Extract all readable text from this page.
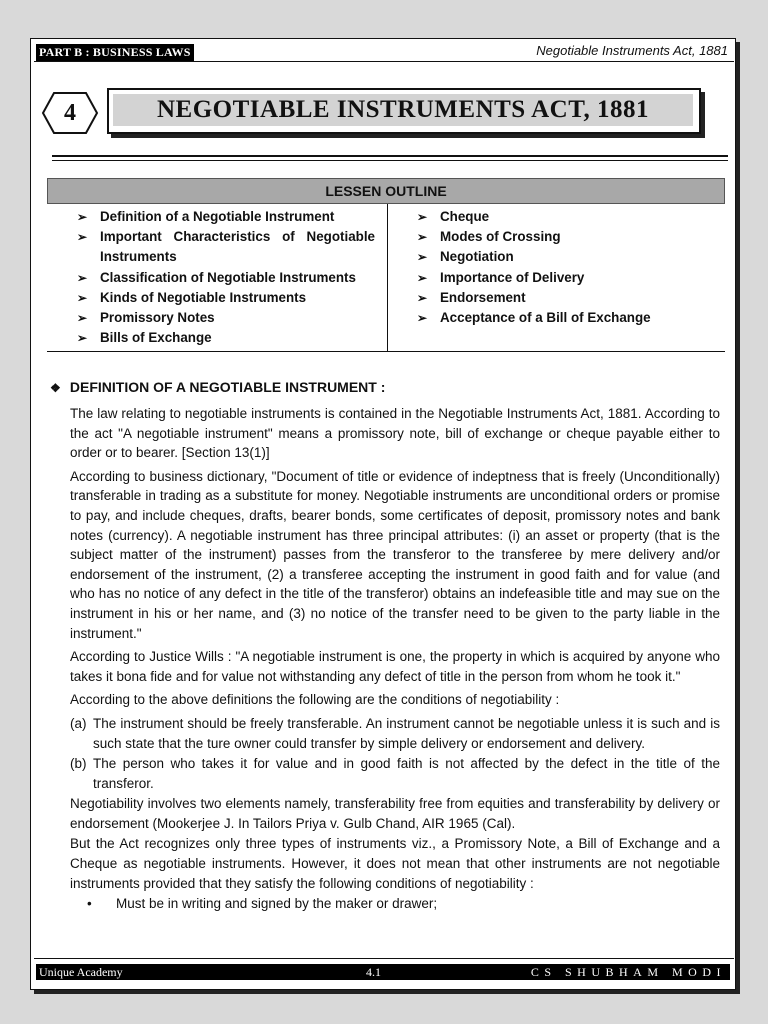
PART B : BUSINESS LAWS	Negotiable Instruments Act, 1881
4	NEGOTIABLE INSTRUMENTS ACT, 1881
LESSEN OUTLINE
➢ Definition of a Negotiable Instrument
➢ Important Characteristics of Negotiable Instruments
➢ Classification of Negotiable Instruments
➢ Kinds of Negotiable Instruments
➢ Promissory Notes
➢ Bills of Exchange
➢ Cheque
➢ Modes of Crossing
➢ Negotiation
➢ Importance of Delivery
➢ Endorsement
➢ Acceptance of a Bill of Exchange
❖ DEFINITION OF A NEGOTIABLE INSTRUMENT :

The law relating to negotiable instruments is contained in the Negotiable Instruments Act, 1881. According to the act "A negotiable instrument" means a promissory note, bill of exchange or cheque payable either to order or to bearer. [Section 13(1)]

According to business dictionary, "Document of title or evidence of indeptness that is freely (Unconditionally) transferable in trading as a substitute for money. Negotiable instruments are unconditional orders or promise to pay, and include cheques, drafts, bearer bonds, some certificates of deposit, promissory notes and bank notes (currency). A negotiable instrument has three principal attributes: (i) an asset or property (that is the subject matter of the instrument) passes from the transferor to the transferee by mere delivery and/or endorsement of the instrument, (2) a transferee accepting the instrument in good faith and for value (and who has no notice of any defect in the title of the transferor) obtains an indefeasible title and may sue on the instrument in his or her name, and (3) no notice of the transfer need to be given to the party liable in the instrument."

According to Justice Wills : "A negotiable instrument is one, the property in which is acquired by anyone who takes it bona fide and for value not withstanding any defect of title in the person from whom he took it."

According to the above definitions the following are the conditions of negotiability :

(a) The instrument should be freely transferable. An instrument cannot be negotiable unless it is such and is such state that the ture owner could transfer by simple delivery or endorsement and delivery.
(b) The person who takes it for value and in good faith is not affected by the defect in the title of the transferor.

Negotiability involves two elements namely, transferability free from equities and transferability by delivery or endorsement (Mookerjee J. In Tailors Priya v. Gulb Chand, AIR 1965 (Cal).

But the Act recognizes only three types of instruments viz., a Promissory Note, a Bill of Exchange and a Cheque as negotiable instruments. However, it does not mean that other instruments are not negotiable instruments provided that they satisfy the following conditions of negotiability :

• Must be in writing and signed by the maker or drawer;
Unique Academy	4.1	CS SHUBHAM MODI
